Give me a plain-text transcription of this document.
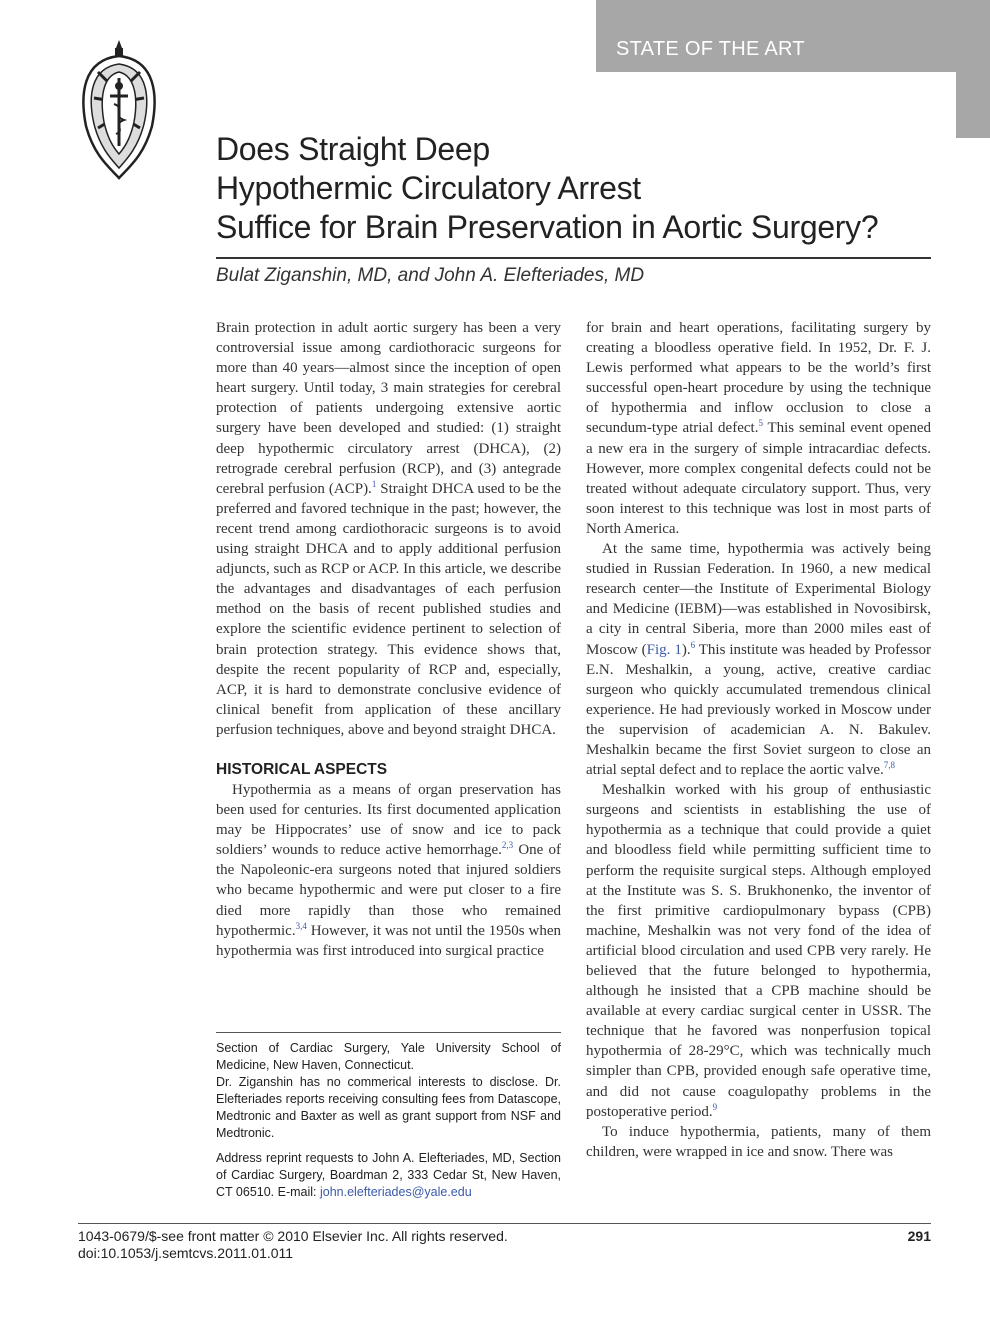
STATE OF THE ART
Does Straight Deep
Hypothermic Circulatory Arrest
Suffice for Brain Preservation in Aortic Surgery?
Bulat Ziganshin, MD, and John A. Elefteriades, MD

Brain protection in adult aortic surgery has been a very controversial issue among cardiothoracic surgeons for more than 40 years—almost since the inception of open heart surgery. Until today, 3 main strategies for cerebral protection of patients undergoing extensive aortic surgery have been developed and studied: (1) straight deep hypothermic circulatory arrest (DHCA), (2) retrograde cerebral perfusion (RCP), and (3) antegrade cerebral perfusion (ACP).$^1$ Straight DHCA used to be the preferred and favored technique in the past; however, the recent trend among cardiothoracic surgeons is to avoid using straight DHCA and to apply additional perfusion adjuncts, such as RCP or ACP. In this article, we describe the advantages and disadvantages of each perfusion method on the basis of recent published studies and explore the scientific evidence pertinent to selection of brain protection strategy. This evidence shows that, despite the recent popularity of RCP and, especially, ACP, it is hard to demonstrate conclusive evidence of clinical benefit from application of these ancillary perfusion techniques, above and beyond straight DHCA.

HISTORICAL ASPECTS

Hypothermia as a means of organ preservation has been used for centuries. Its first documented application may be Hippocrates’ use of snow and ice to pack soldiers’ wounds to reduce active hemorrhage.$^{2,3}$ One of the Napoleonic-era surgeons noted that injured soldiers who became hypothermic and were put closer to a fire died more rapidly than those who remained hypothermic.$^{3,4}$ However, it was not until the 1950s when hypothermia was first introduced into surgical practice

for brain and heart operations, facilitating surgery by creating a bloodless operative field. In 1952, Dr. F. J. Lewis performed what appears to be the world’s first successful open-heart procedure by using the technique of hypothermia and inflow occlusion to close a secundum-type atrial defect.$^5$ This seminal event opened a new era in the surgery of simple intracardiac defects. However, more complex congenital defects could not be treated without adequate circulatory support. Thus, very soon interest to this technique was lost in most parts of North America.

At the same time, hypothermia was actively being studied in Russian Federation. In 1960, a new medical research center—the Institute of Experimental Biology and Medicine (IEBM)—was established in Novosibirsk, a city in central Siberia, more than 2000 miles east of Moscow (Fig. 1).$^6$ This institute was headed by Professor E.N. Meshalkin, a young, active, creative cardiac surgeon who quickly accumulated tremendous clinical experience. He had previously worked in Moscow under the supervision of academician A. N. Bakulev. Meshalkin became the first Soviet surgeon to close an atrial septal defect and to replace the aortic valve.$^{7,8}$

Meshalkin worked with his group of enthusiastic surgeons and scientists in establishing the use of hypothermia as a technique that could provide a quiet and bloodless field while permitting sufficient time to perform the requisite surgical steps. Although employed at the Institute was S. S. Brukhonenko, the inventor of the first primitive cardiopulmonary bypass (CPB) machine, Meshalkin was not very fond of the idea of artificial blood circulation and used CPB very rarely. He believed that the future belonged to hypothermia, although he insisted that a CPB machine should be available at every cardiac surgical center in USSR. The technique that he favored was nonperfusion topical hypothermia of 28-29°C, which was technically much simpler than CPB, provided enough safe operative time, and did not cause coagulopathy problems in the postoperative period.$^9$

To induce hypothermia, patients, many of them children, were wrapped in ice and snow. There was

Section of Cardiac Surgery, Yale University School of Medicine, New Haven, Connecticut.

Dr. Ziganshin has no commerical interests to disclose. Dr. Elefteriades reports receiving consulting fees from Datascope, Medtronic and Baxter as well as grant support from NSF and Medtronic.

Address reprint requests to John A. Elefteriades, MD, Section of Cardiac Surgery, Boardman 2, 333 Cedar St, New Haven, CT 06510. E-mail: john.elefteriades@yale.edu

1043-0679/$-see front matter © 2010 Elsevier Inc. All rights reserved.
doi:10.1053/j.semtcvs.2011.01.011
291
